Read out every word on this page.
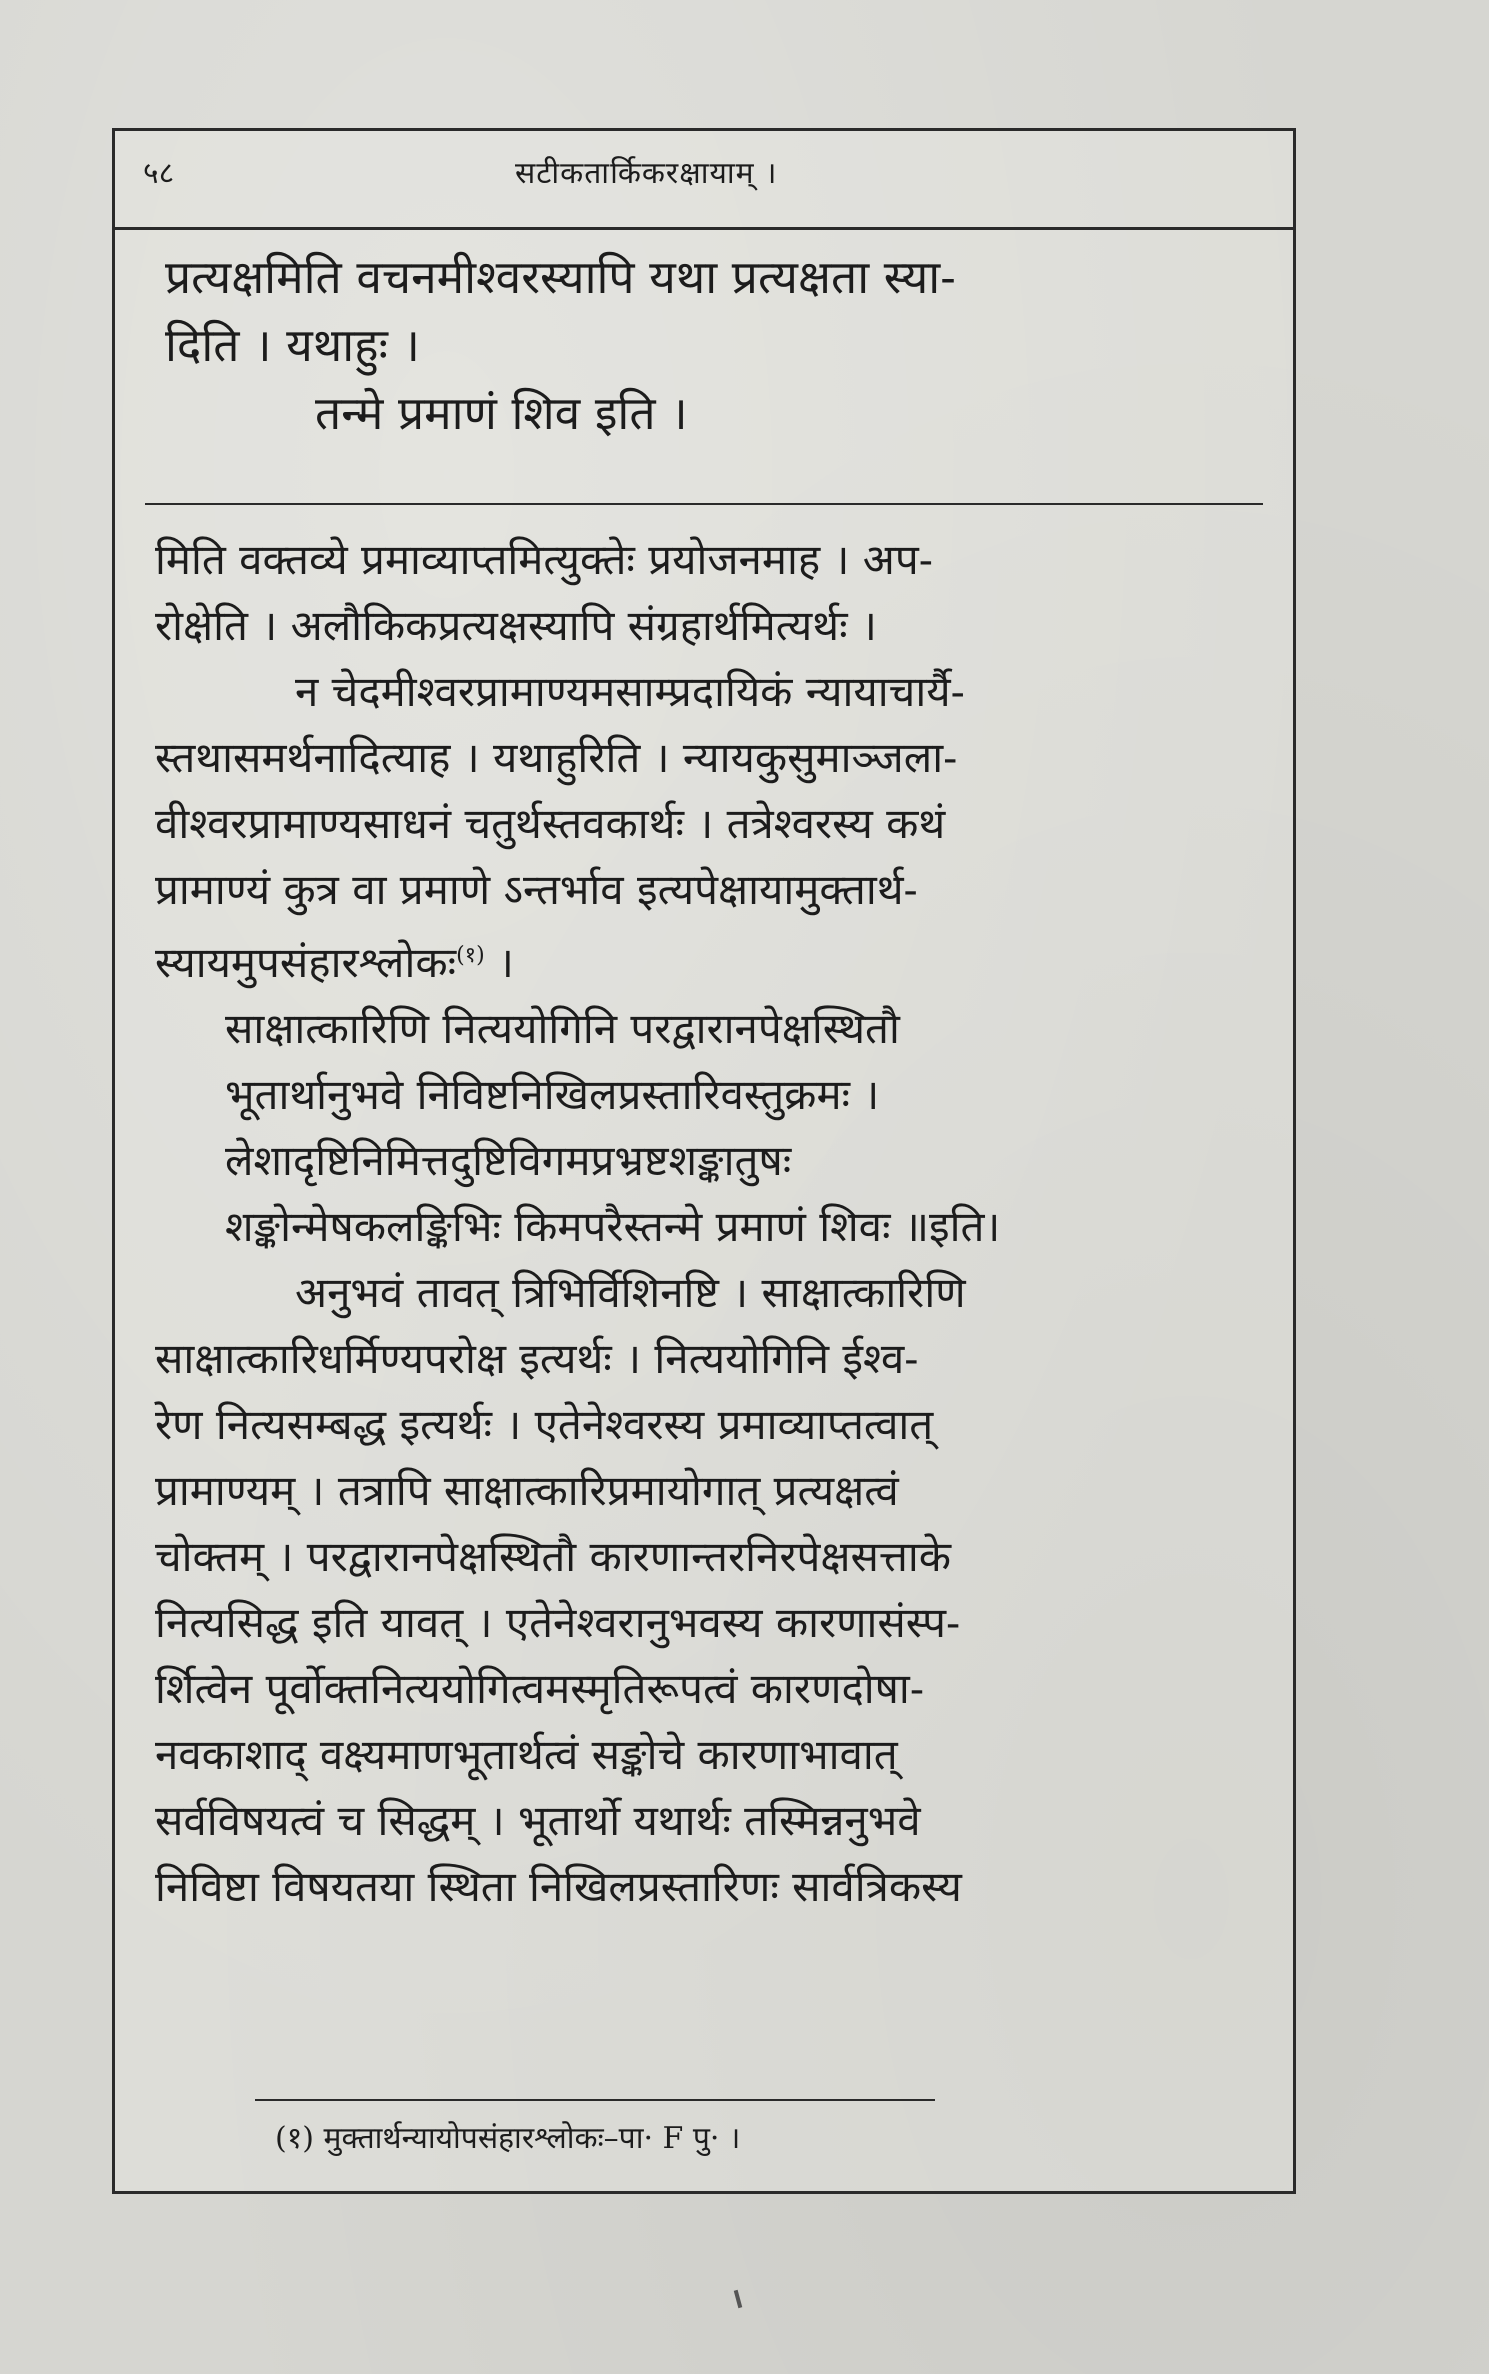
५८	सटीकतार्किकरक्षायाम् ।
प्रत्यक्षमिति वचनमीश्वरस्यापि यथा प्रत्यक्षता स्या-
दिति । यथाहुः ।
तन्मे प्रमाणं शिव इति ।
मिति वक्तव्ये प्रमाव्याप्तमित्युक्तेः प्रयोजनमाह । अप-
रोक्षेति । अलौकिकप्रत्यक्षस्यापि संग्रहार्थमित्यर्थः ।
न चेदमीश्वरप्रामाण्यमसाम्प्रदायिकं न्यायाचार्यै-
स्तथासमर्थनादित्याह । यथाहुरिति । न्यायकुसुमाञ्जला-
वीश्वरप्रामाण्यसाधनं चतुर्थस्तवकार्थः । तत्रेश्वरस्य कथं
प्रामाण्यं कुत्र वा प्रमाणे ऽन्तर्भाव इत्यपेक्षायामुक्तार्थ-
स्यायमुपसंहारश्लोकः$^{(१)}$ ।
साक्षात्कारिणि नित्ययोगिनि परद्वारानपेक्षस्थितौ
भूतार्थानुभवे निविष्टनिखिलप्रस्तारिवस्तुक्रमः ।
लेशादृष्टिनिमित्तदुष्टिविगमप्रभ्रष्टशङ्कातुषः
शङ्कोन्मेषकलङ्किभिः किमपरैस्तन्मे प्रमाणं शिवः ॥इति।
अनुभवं तावत् त्रिभिर्विशिनष्टि । साक्षात्कारिणि
साक्षात्कारिधर्मिण्यपरोक्ष इत्यर्थः । नित्ययोगिनि ईश्व-
रेण नित्यसम्बद्ध इत्यर्थः । एतेनेश्वरस्य प्रमाव्याप्तत्वात्
प्रामाण्यम् । तत्रापि साक्षात्कारिप्रमायोगात् प्रत्यक्षत्वं
चोक्तम् । परद्वारानपेक्षस्थितौ कारणान्तरनिरपेक्षसत्ताके
नित्यसिद्ध इति यावत् । एतेनेश्वरानुभवस्य कारणासंस्प-
र्शित्वेन पूर्वोक्तनित्ययोगित्वमस्मृतिरूपत्वं कारणदोषा-
नवकाशाद् वक्ष्यमाणभूतार्थत्वं सङ्कोचे कारणाभावात्
सर्वविषयत्वं च सिद्धम् । भूतार्थो यथार्थः तस्मिन्ननुभवे
निविष्टा विषयतया स्थिता निखिलप्रस्तारिणः सार्वत्रिकस्य
(१) मुक्तार्थन्यायोपसंहारश्लोकः–पा· F पु· ।
